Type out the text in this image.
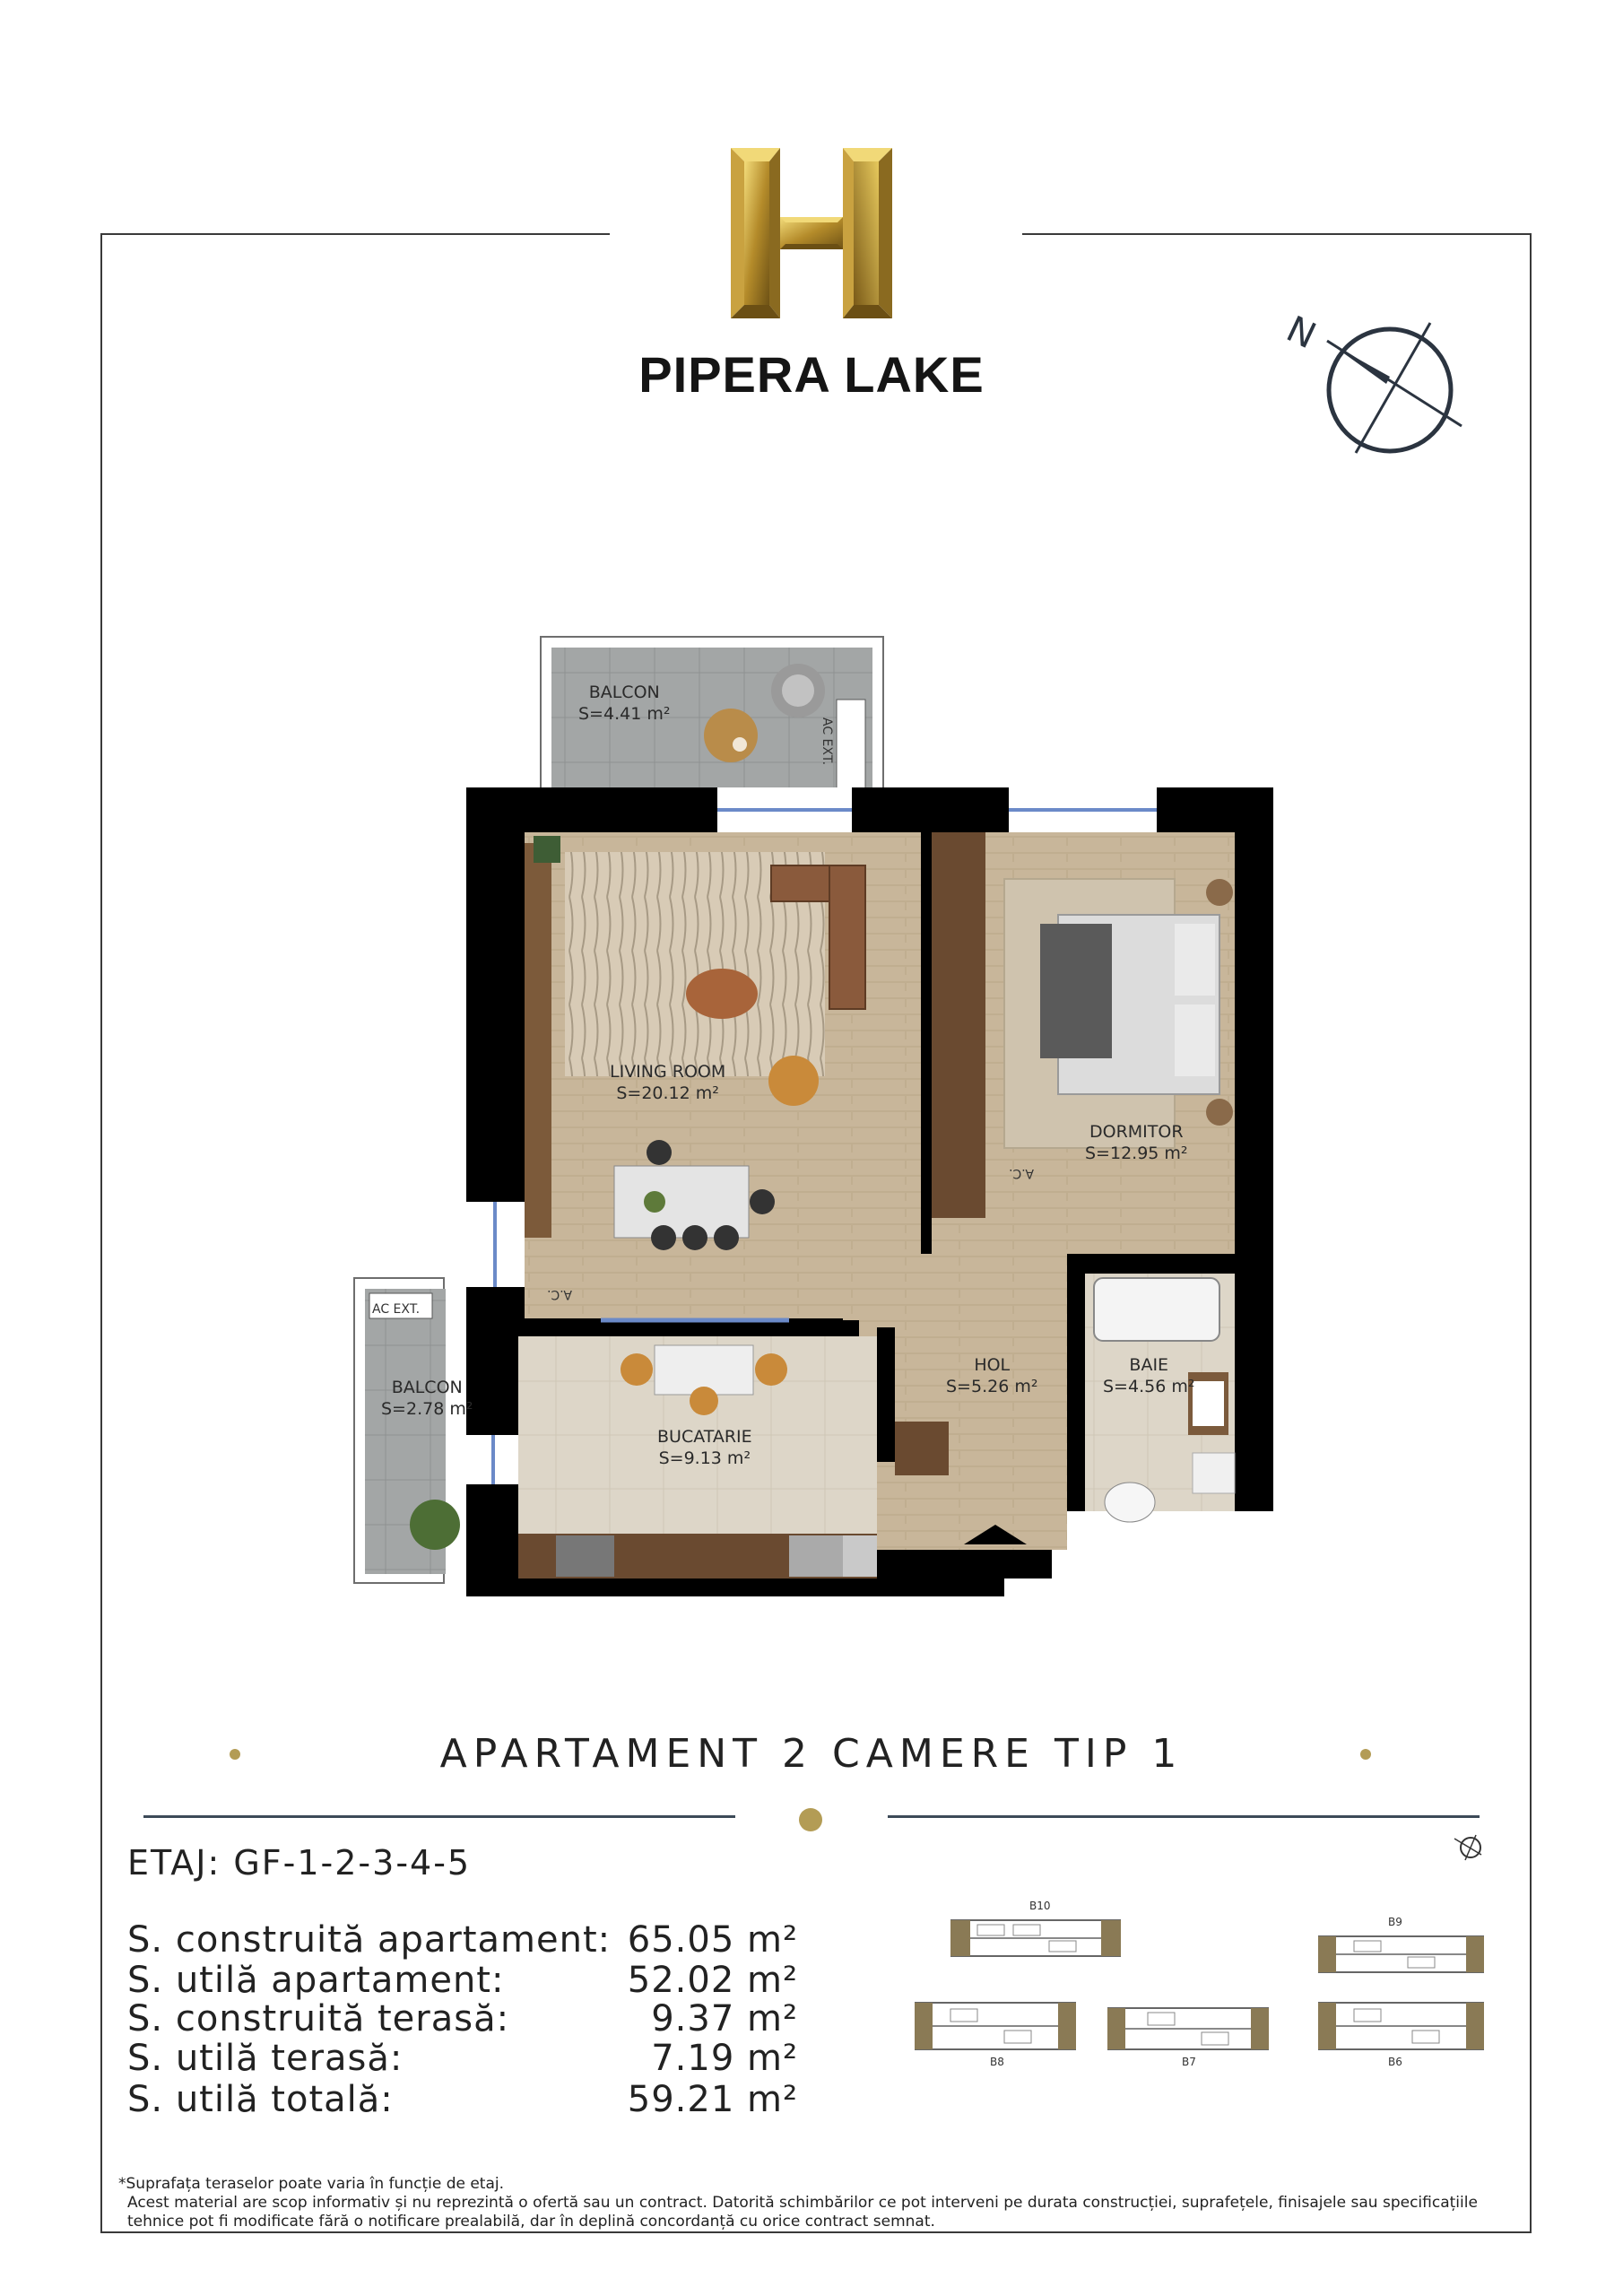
PIPERA LAKE
N
BALCON
S=4.41 m²
BALCON
S=2.78 m²
LIVING ROOM
S=20.12 m²
DORMITOR
S=12.95 m²
HOL
S=5.26 m²
BAIE
S=4.56 m²
BUCATARIE
S=9.13 m²
AC EXT.
AC EXT.
A.C.
A.C.
APARTAMENT 2 CAMERE TIP 1
ETAJ: GF-1-2-3-4-5
S. construită apartament: 65.05 m²
S. utilă apartament:	52.02 m²
S. construită terasă:	9.37 m²
S. utilă terasă:	7.19 m²
S. utilă totală:	59.21 m²
B10
B9
B8	B7	B6
*Suprafața teraselor poate varia în funcție de etaj.
Acest material are scop informativ și nu reprezintă o ofertă sau un contract. Datorită schimbărilor ce pot interveni pe durata construcției, suprafețele, finisajele sau specificațiile
tehnice pot fi modificate fără o notificare prealabilă, dar în deplină concordanță cu orice contract semnat.
